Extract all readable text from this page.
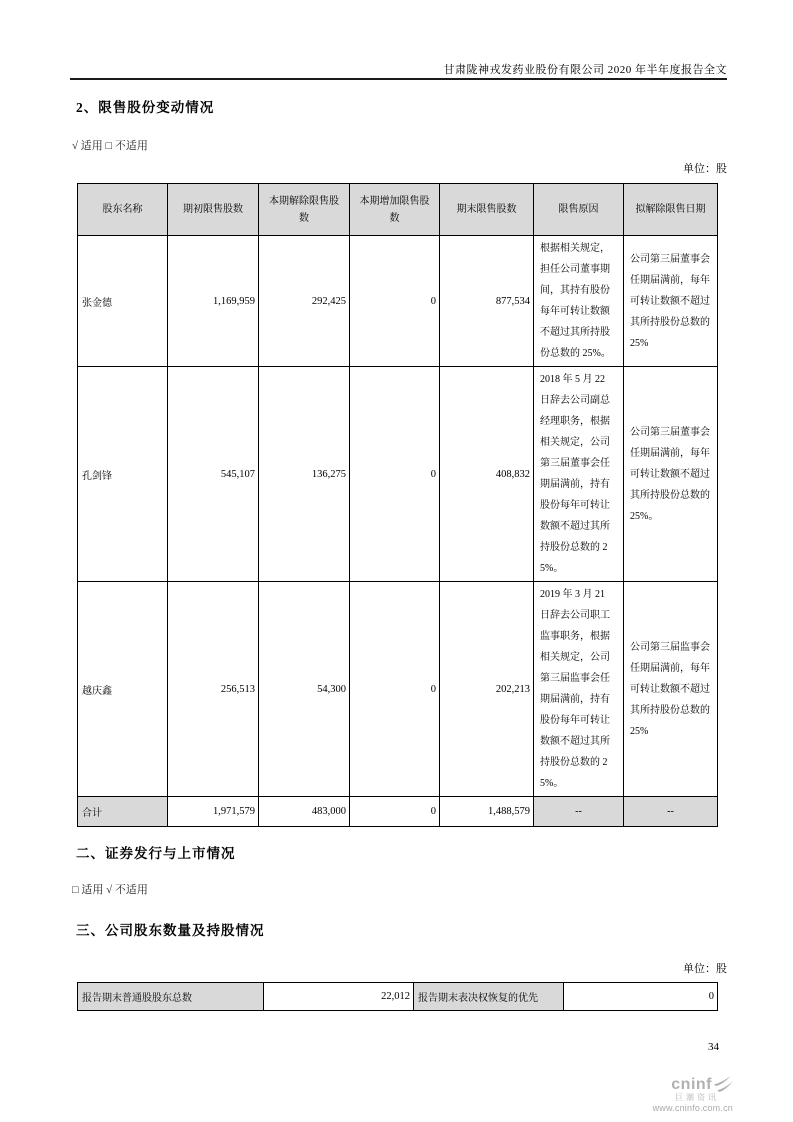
甘肃陇神戎发药业股份有限公司 2020 年半年度报告全文
2、限售股份变动情况
√ 适用 □ 不适用
单位：股
股东名称	期初限售股数	本期解除限售股数	本期增加限售股数	期末限售股数	限售原因	拟解除限售日期
张金德	1,169,959	292,425	0	877,534	根据相关规定，担任公司董事期间，其持有股份每年可转让数额不超过其所持股份总数的 25%。	公司第三届董事会任期届满前，每年可转让数额不超过其所持股份总数的 25%
孔剑锋	545,107	136,275	0	408,832	2018 年 5 月 22 日辞去公司副总经理职务，根据相关规定，公司第三届董事会任期届满前，持有股份每年可转让数额不超过其所持股份总数的 25%。	公司第三届董事会任期届满前，每年可转让数额不超过其所持股份总数的 25%。
越庆鑫	256,513	54,300	0	202,213	2019 年 3 月 21 日辞去公司职工监事职务，根据相关规定，公司第三届监事会任期届满前，持有股份每年可转让数额不超过其所持股份总数的 25%。	公司第三届监事会任期届满前，每年可转让数额不超过其所持股份总数的 25%
合计	1,971,579	483,000	0	1,488,579	--	--
二、证券发行与上市情况
□ 适用 √ 不适用
三、公司股东数量及持股情况
单位：股
报告期末普通股股东总数	22,012	报告期末表决权恢复的优先	0
34
cninf
巨潮资讯
www.cninfo.com.cn
